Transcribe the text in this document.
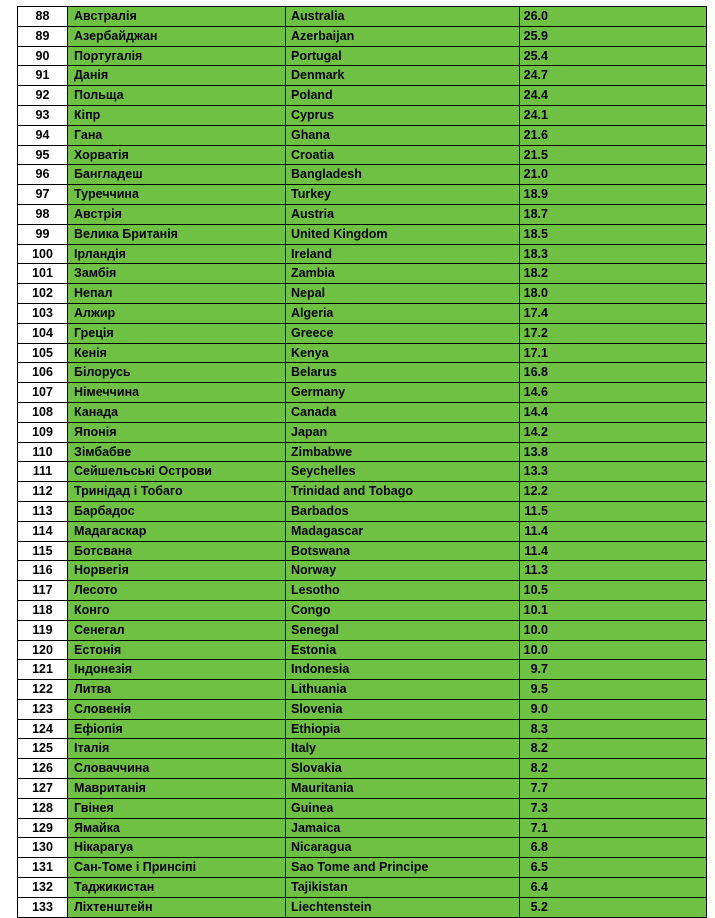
88	Австралія	Australia	26.0
89	Азербайджан	Azerbaijan	25.9
90	Португалія	Portugal	25.4
91	Данія	Denmark	24.7
92	Польща	Poland	24.4
93	Кіпр	Cyprus	24.1
94	Гана	Ghana	21.6
95	Хорватія	Croatia	21.5
96	Бангладеш	Bangladesh	21.0
97	Туреччина	Turkey	18.9
98	Австрія	Austria	18.7
99	Велика Британія	United Kingdom	18.5
100	Ірландія	Ireland	18.3
101	Замбія	Zambia	18.2
102	Непал	Nepal	18.0
103	Алжир	Algeria	17.4
104	Греція	Greece	17.2
105	Кенія	Kenya	17.1
106	Білорусь	Belarus	16.8
107	Німеччина	Germany	14.6
108	Канада	Canada	14.4
109	Японія	Japan	14.2
110	Зімбабве	Zimbabwe	13.8
111	Сейшельські Острови	Seychelles	13.3
112	Тринідад і Тобаго	Trinidad and Tobago	12.2
113	Барбадос	Barbados	11.5
114	Мадагаскар	Madagascar	11.4
115	Ботсвана	Botswana	11.4
116	Норвегія	Norway	11.3
117	Лесото	Lesotho	10.5
118	Конго	Congo	10.1
119	Сенегал	Senegal	10.0
120	Естонія	Estonia	10.0
121	Індонезія	Indonesia	9.7
122	Литва	Lithuania	9.5
123	Словенія	Slovenia	9.0
124	Ефіопія	Ethiopia	8.3
125	Італія	Italy	8.2
126	Словаччина	Slovakia	8.2
127	Мавританія	Mauritania	7.7
128	Гвінея	Guinea	7.3
129	Ямайка	Jamaica	7.1
130	Нікарагуа	Nicaragua	6.8
131	Сан-Томе і Принсіпі	Sao Tome and Principe	6.5
132	Таджикистан	Tajikistan	6.4
133	Ліхтенштейн	Liechtenstein	5.2
